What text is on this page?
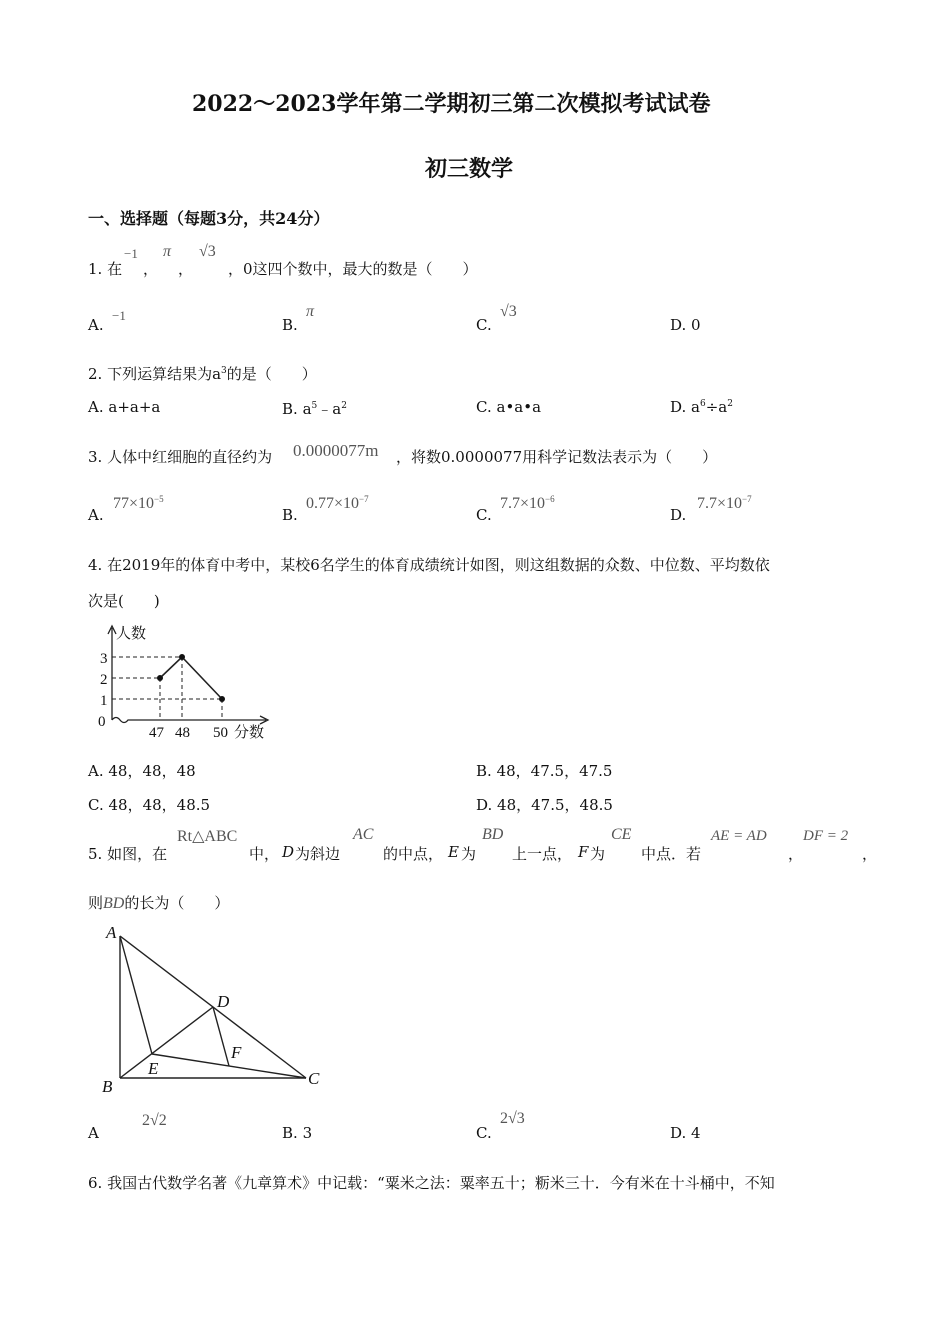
2022～2023学年第二学期初三第二次模拟考试试卷
初三数学
一、选择题（每题3分，共24分）
1. 在
−1
，
π
，
√3
，0这四个数中，最大的数是（　　）
A.
−1
B.
π
C.
√3
D. 0
2. 下列运算结果为$a^3$的是（　　）
A. a+a+a	B. $a^5﹣a^2$	C. a•a•a	D. $a^6\div a^2$
3. 人体中红细胞的直径约为 0.0000077m ，将数0.0000077用科学记数法表示为（　　）
A.
$77\times 10^{-5}$
B.
$0.77\times 10^{-7}$
C.
$7.7\times 10^{-6}$
D.
$7.7\times 10^{-7}$
4. 在2019年的体育中考中，某校6名学生的体育成绩统计如图，则这组数据的众数、中位数、平均数依
次是(　　)
人数
分数
0
1
2
3
47 48 50
A. 48，48，48	B. 48，47.5，47.5
C. 48，48，48.5	D. 48，47.5，48.5
5. 如图，在
Rt△ABC
中， D 为斜边
AC
的中点， E 为
BD
上一点， F 为
CE
中点．若
AE = AD
，
DF = 2
，
则BD的长为（　　）
A
B	C
D
E
F
A
2√2
B. 3	C.
2√3
D. 4
6. 我国古代数学名著《九章算术》中记载：“粟米之法：粟率五十；粝米三十．今有米在十斗桶中，不知
